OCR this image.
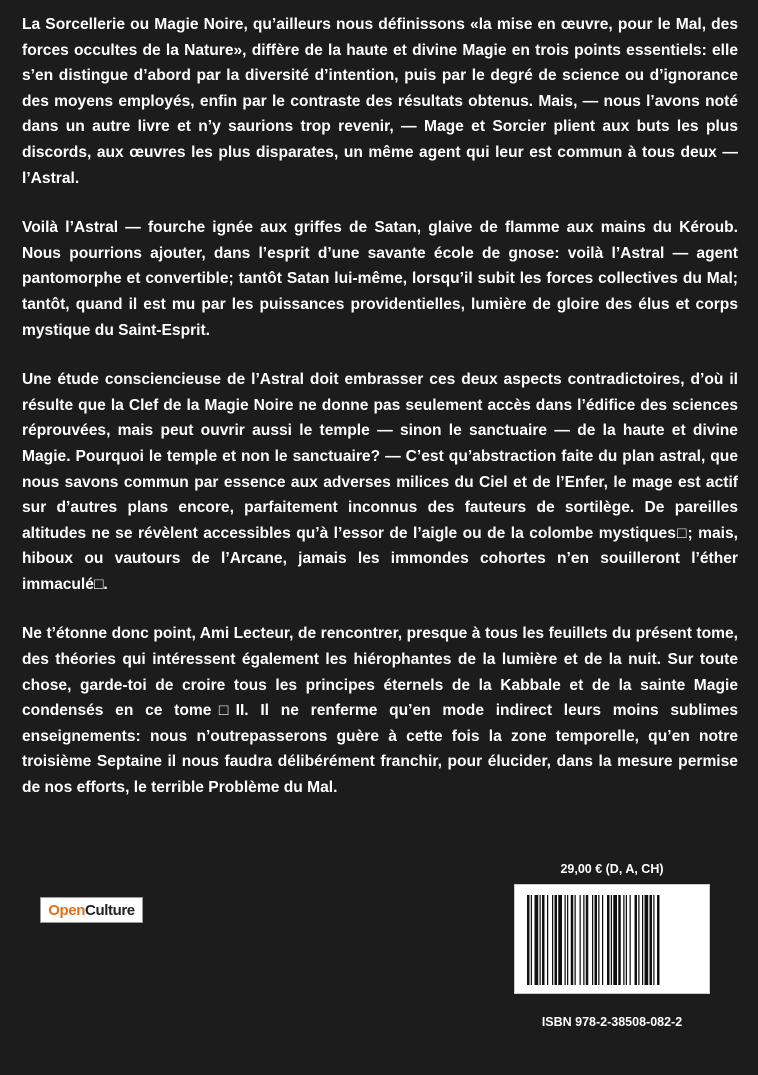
La Sorcellerie ou Magie Noire, qu’ailleurs nous définissons «la mise en œuvre, pour le Mal, des forces occultes de la Nature», diffère de la haute et divine Magie en trois points essentiels: elle s’en distingue d’abord par la diversité d’intention, puis par le degré de science ou d’ignorance des moyens employés, enfin par le contraste des résultats obtenus. Mais, — nous l’avons noté dans un autre livre et n’y saurions trop revenir, — Mage et Sorcier plient aux buts les plus discords, aux œuvres les plus disparates, un même agent qui leur est commun à tous deux — l’Astral.

Voilà l’Astral — fourche ignée aux griffes de Satan, glaive de flamme aux mains du Kéroub. Nous pourrions ajouter, dans l’esprit d’une savante école de gnose: voilà l’Astral — agent pantomorphe et convertible; tantôt Satan lui-même, lorsqu’il subit les forces collectives du Mal; tantôt, quand il est mu par les puissances providentielles, lumière de gloire des élus et corps mystique du Saint-Esprit.

Une étude consciencieuse de l’Astral doit embrasser ces deux aspects contradictoires, d’où il résulte que la Clef de la Magie Noire ne donne pas seulement accès dans l’édifice des sciences réprouvées, mais peut ouvrir aussi le temple — sinon le sanctuaire — de la haute et divine Magie. Pourquoi le temple et non le sanctuaire? — C’est qu’abstraction faite du plan astral, que nous savons commun par essence aux adverses milices du Ciel et de l’Enfer, le mage est actif sur d’autres plans encore, parfaitement inconnus des fauteurs de sortilège. De pareilles altitudes ne se révèlent accessibles qu’à l’essor de l’aigle ou de la colombe mystiques□; mais, hiboux ou vautours de l’Arcane, jamais les immondes cohortes n’en souilleront l’éther immaculé□.

Ne t’étonne donc point, Ami Lecteur, de rencontrer, presque à tous les feuillets du présent tome, des théories qui intéressent également les hiérophantes de la lumière et de la nuit. Sur toute chose, garde-toi de croire tous les principes éternels de la Kabbale et de la sainte Magie condensés en ce tome□II. Il ne renferme qu’en mode indirect leurs moins sublimes enseignements: nous n’outrepasserons guère à cette fois la zone temporelle, qu’en notre troisième Septaine il nous faudra délibérément franchir, pour élucider, dans la mesure permise de nos efforts, le terrible Problème du Mal.

Open Culture
29,00 € (D, A, CH)
ISBN 978-2-38508-082-2
